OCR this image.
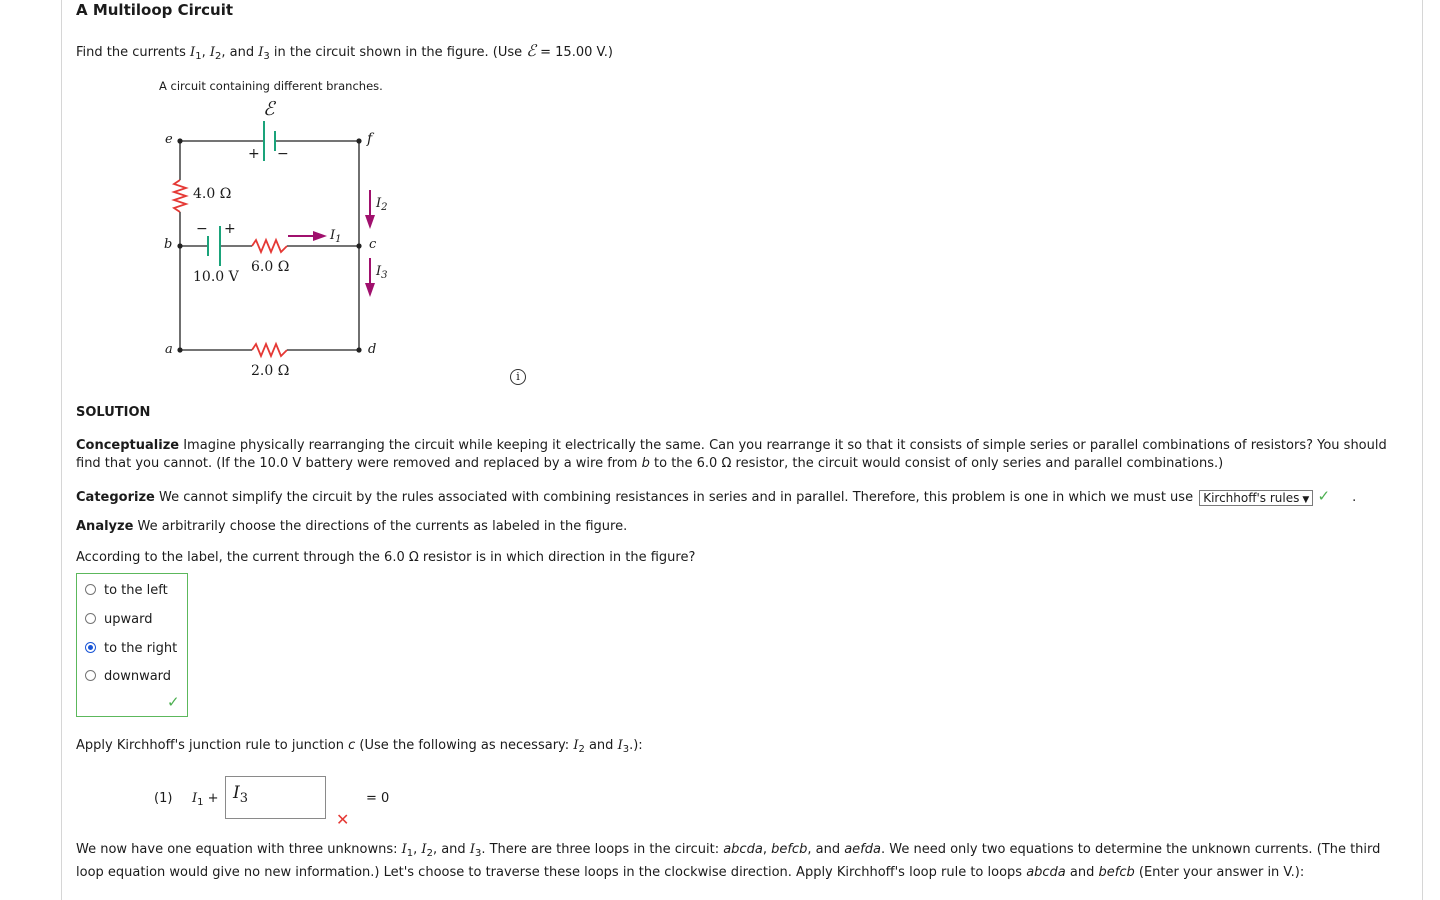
A Multiloop Circuit
Find the currents $I_1$, $I_2$, and $I_3$ in the circuit shown in the figure. (Use ℰ = 15.00 V.)
A circuit containing different branches.
ℰ
+ −
e	f
4.0 Ω
$I_2$
− +	$I_1$
b	c
6.0 Ω	$I_3$
10.0 V
a	d
2.0 Ω	i
SOLUTION
Conceptualize Imagine physically rearranging the circuit while keeping it electrically the same. Can you rearrange it so that it consists of simple series or parallel combinations of resistors? You should
find that you cannot. (If the 10.0 V battery were removed and replaced by a wire from b to the 6.0 Ω resistor, the circuit would consist of only series and parallel combinations.)
Categorize We cannot simplify the circuit by the rules associated with combining resistances in series and in parallel. Therefore, this problem is one in which we must use Kirchhoff's rules ▼ ✓ .
Analyze We arbitrarily choose the directions of the currents as labeled in the figure.
According to the label, the current through the 6.0 Ω resistor is in which direction in the figure?
to the left
upward
to the right
downward
✓
Apply Kirchhoff's junction rule to junction c (Use the following as necessary: $I_2$ and $I_3$.):
(1) $I_1 + I_3$	= 0
✕
We now have one equation with three unknowns: $I_1$, $I_2$, and $I_3$. There are three loops in the circuit: abcda, befcb, and aefda. We need only two equations to determine the unknown currents. (The third
loop equation would give no new information.) Let's choose to traverse these loops in the clockwise direction. Apply Kirchhoff's loop rule to loops abcda and befcb (Enter your answer in V.):
